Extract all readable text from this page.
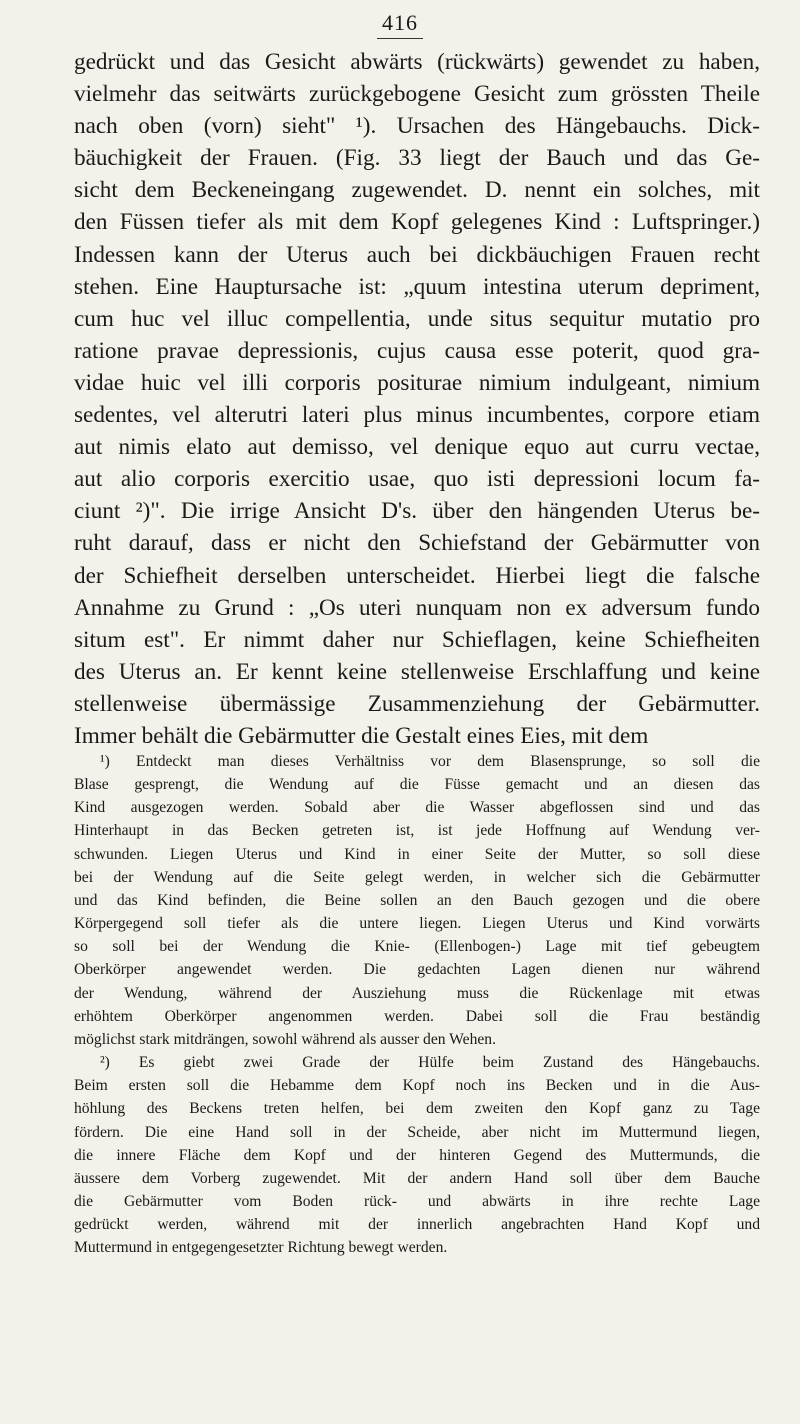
416
gedrückt und das Gesicht abwärts (rückwärts) gewendet zu haben,
vielmehr das seitwärts zurückgebogene Gesicht zum grössten Theile
nach oben (vorn) sieht" ¹). Ursachen des Hängebauchs. Dick-
bäuchigkeit der Frauen. (Fig. 33 liegt der Bauch und das Ge-
sicht dem Beckeneingang zugewendet. D. nennt ein solches, mit
den Füssen tiefer als mit dem Kopf gelegenes Kind : Luftspringer.)
Indessen kann der Uterus auch bei dickbäuchigen Frauen recht
stehen. Eine Hauptursache ist: „quum intestina uterum depriment,
cum huc vel illuc compellentia, unde situs sequitur mutatio pro
ratione pravae depressionis, cujus causa esse poterit, quod gra-
vidae huic vel illi corporis positurae nimium indulgeant, nimium
sedentes, vel alterutri lateri plus minus incumbentes, corpore etiam
aut nimis elato aut demisso, vel denique equo aut curru vectae,
aut alio corporis exercitio usae, quo isti depressioni locum fa-
ciunt ²)". Die irrige Ansicht D's. über den hängenden Uterus be-
ruht darauf, dass er nicht den Schiefstand der Gebärmutter von
der Schiefheit derselben unterscheidet. Hierbei liegt die falsche
Annahme zu Grund : „Os uteri nunquam non ex adversum fundo
situm est". Er nimmt daher nur Schieflagen, keine Schiefheiten
des Uterus an. Er kennt keine stellenweise Erschlaffung und keine
stellenweise übermässige Zusammenziehung der Gebärmutter.
Immer behält die Gebärmutter die Gestalt eines Eies, mit dem
¹) Entdeckt man dieses Verhältniss vor dem Blasensprunge, so soll die
Blase gesprengt, die Wendung auf die Füsse gemacht und an diesen das
Kind ausgezogen werden. Sobald aber die Wasser abgeflossen sind und das
Hinterhaupt in das Becken getreten ist, ist jede Hoffnung auf Wendung ver-
schwunden. Liegen Uterus und Kind in einer Seite der Mutter, so soll diese
bei der Wendung auf die Seite gelegt werden, in welcher sich die Gebärmutter
und das Kind befinden, die Beine sollen an den Bauch gezogen und die obere
Körpergegend soll tiefer als die untere liegen. Liegen Uterus und Kind vorwärts
so soll bei der Wendung die Knie- (Ellenbogen-) Lage mit tief gebeugtem
Oberkörper angewendet werden. Die gedachten Lagen dienen nur während
der Wendung, während der Ausziehung muss die Rückenlage mit etwas
erhöhtem Oberkörper angenommen werden. Dabei soll die Frau beständig
möglichst stark mitdrängen, sowohl während als ausser den Wehen.
²) Es giebt zwei Grade der Hülfe beim Zustand des Hängebauchs.
Beim ersten soll die Hebamme dem Kopf noch ins Becken und in die Aus-
höhlung des Beckens treten helfen, bei dem zweiten den Kopf ganz zu Tage
fördern. Die eine Hand soll in der Scheide, aber nicht im Muttermund liegen,
die innere Fläche dem Kopf und der hinteren Gegend des Muttermunds, die
äussere dem Vorberg zugewendet. Mit der andern Hand soll über dem Bauche
die Gebärmutter vom Boden rück- und abwärts in ihre rechte Lage
gedrückt werden, während mit der innerlich angebrachten Hand Kopf und
Muttermund in entgegengesetzter Richtung bewegt werden.
